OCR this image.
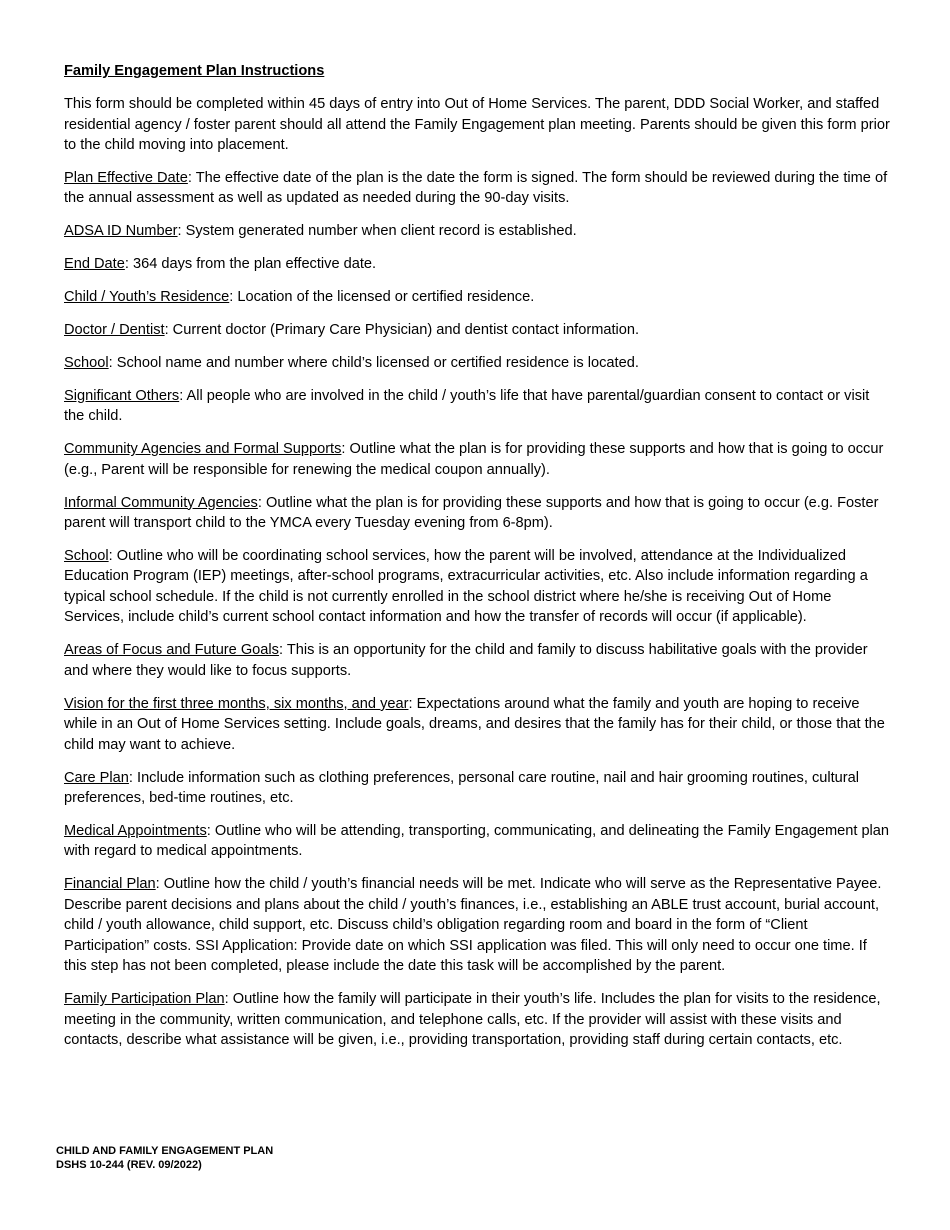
Family Engagement Plan Instructions

This form should be completed within 45 days of entry into Out of Home Services. The parent, DDD Social Worker, and staffed residential agency / foster parent should all attend the Family Engagement plan meeting. Parents should be given this form prior to the child moving into placement.

Plan Effective Date: The effective date of the plan is the date the form is signed. The form should be reviewed during the time of the annual assessment as well as updated as needed during the 90-day visits.

ADSA ID Number: System generated number when client record is established.

End Date: 364 days from the plan effective date.

Child / Youth’s Residence: Location of the licensed or certified residence.

Doctor / Dentist: Current doctor (Primary Care Physician) and dentist contact information.

School: School name and number where child’s licensed or certified residence is located.

Significant Others: All people who are involved in the child / youth’s life that have parental/guardian consent to contact or visit the child.

Community Agencies and Formal Supports: Outline what the plan is for providing these supports and how that is going to occur (e.g., Parent will be responsible for renewing the medical coupon annually).

Informal Community Agencies: Outline what the plan is for providing these supports and how that is going to occur (e.g. Foster parent will transport child to the YMCA every Tuesday evening from 6-8pm).

School: Outline who will be coordinating school services, how the parent will be involved, attendance at the Individualized Education Program (IEP) meetings, after-school programs, extracurricular activities, etc. Also include information regarding a typical school schedule. If the child is not currently enrolled in the school district where he/she is receiving Out of Home Services, include child’s current school contact information and how the transfer of records will occur (if applicable).

Areas of Focus and Future Goals: This is an opportunity for the child and family to discuss habilitative goals with the provider and where they would like to focus supports.

Vision for the first three months, six months, and year: Expectations around what the family and youth are hoping to receive while in an Out of Home Services setting. Include goals, dreams, and desires that the family has for their child, or those that the child may want to achieve.

Care Plan: Include information such as clothing preferences, personal care routine, nail and hair grooming routines, cultural preferences, bed-time routines, etc.

Medical Appointments: Outline who will be attending, transporting, communicating, and delineating the Family Engagement plan with regard to medical appointments.

Financial Plan: Outline how the child / youth’s financial needs will be met. Indicate who will serve as the Representative Payee. Describe parent decisions and plans about the child / youth’s finances, i.e., establishing an ABLE trust account, burial account, child / youth allowance, child support, etc. Discuss child’s obligation regarding room and board in the form of “Client Participation” costs. SSI Application: Provide date on which SSI application was filed. This will only need to occur one time. If this step has not been completed, please include the date this task will be accomplished by the parent.

Family Participation Plan: Outline how the family will participate in their youth’s life. Includes the plan for visits to the residence, meeting in the community, written communication, and telephone calls, etc. If the provider will assist with these visits and contacts, describe what assistance will be given, i.e., providing transportation, providing staff during certain contacts, etc.

CHILD AND FAMILY ENGAGEMENT PLAN
DSHS 10-244 (REV. 09/2022)
